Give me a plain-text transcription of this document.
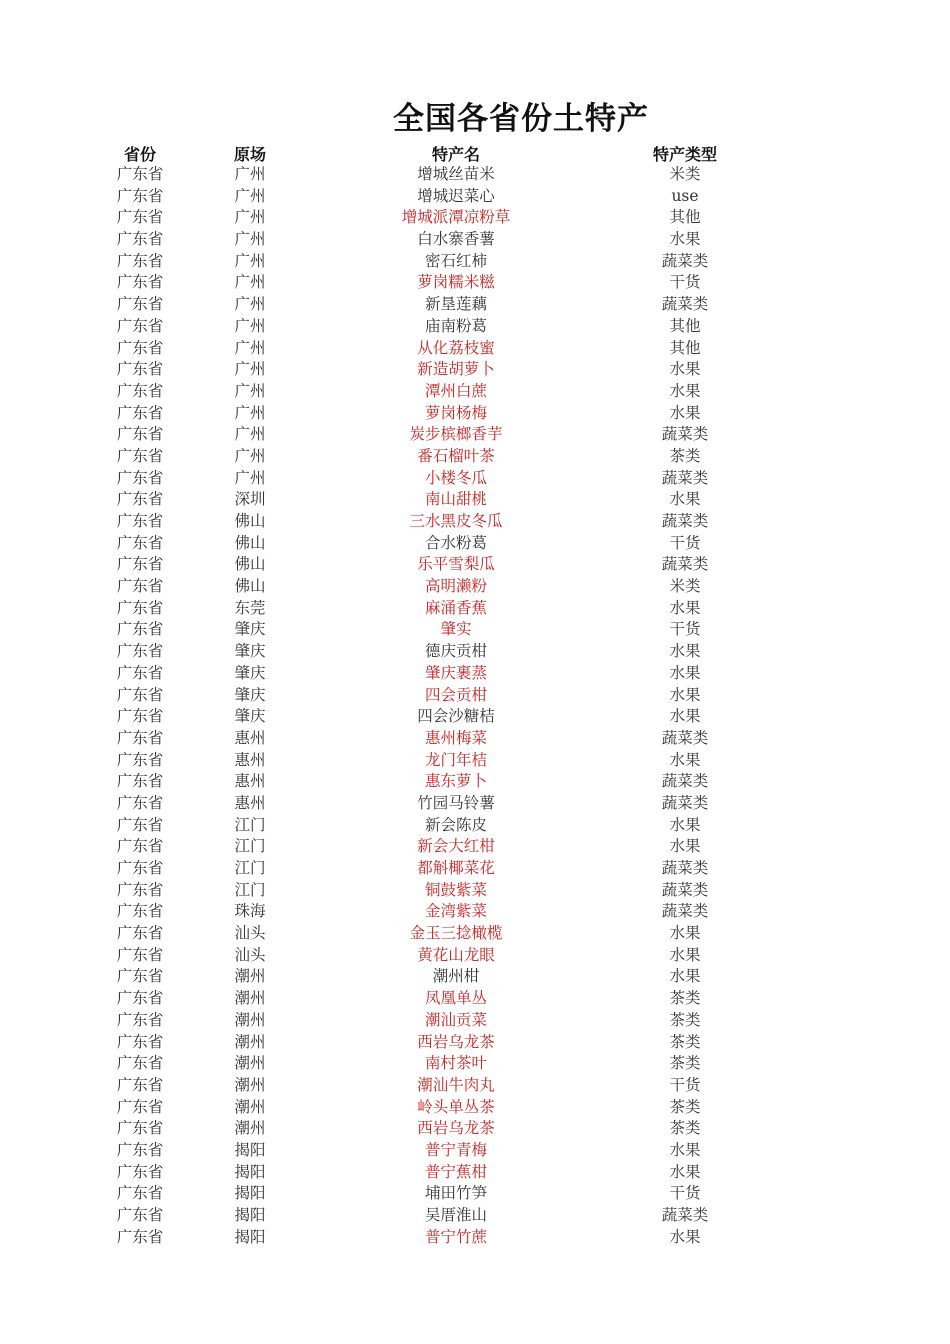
全国各省份土特产
省份	原场	特产名	特产类型
广东省	广州	增城丝苗米	米类
广东省	广州	增城迟菜心	use
广东省	广州	增城派潭凉粉草	其他
广东省	广州	白水寨香薯	水果
广东省	广州	密石红柿	蔬菜类
广东省	广州	萝岗糯米糍	干货
广东省	广州	新垦莲藕	蔬菜类
广东省	广州	庙南粉葛	其他
广东省	广州	从化荔枝蜜	其他
广东省	广州	新造胡萝卜	水果
广东省	广州	潭州白蔗	水果
广东省	广州	萝岗杨梅	水果
广东省	广州	炭步槟榔香芋	蔬菜类
广东省	广州	番石榴叶茶	茶类
广东省	广州	小楼冬瓜	蔬菜类
广东省	深圳	南山甜桃	水果
广东省	佛山	三水黑皮冬瓜	蔬菜类
广东省	佛山	合水粉葛	干货
广东省	佛山	乐平雪梨瓜	蔬菜类
广东省	佛山	高明濑粉	米类
广东省	东莞	麻涌香蕉	水果
广东省	肇庆	肇实	干货
广东省	肇庆	德庆贡柑	水果
广东省	肇庆	肇庆裹蒸	水果
广东省	肇庆	四会贡柑	水果
广东省	肇庆	四会沙糖桔	水果
广东省	惠州	惠州梅菜	蔬菜类
广东省	惠州	龙门年桔	水果
广东省	惠州	惠东萝卜	蔬菜类
广东省	惠州	竹园马铃薯	蔬菜类
广东省	江门	新会陈皮	水果
广东省	江门	新会大红柑	水果
广东省	江门	都斛椰菜花	蔬菜类
广东省	江门	铜鼓紫菜	蔬菜类
广东省	珠海	金湾紫菜	蔬菜类
广东省	汕头	金玉三捻橄榄	水果
广东省	汕头	黄花山龙眼	水果
广东省	潮州	潮州柑	水果
广东省	潮州	凤凰单丛	茶类
广东省	潮州	潮汕贡菜	茶类
广东省	潮州	西岩乌龙茶	茶类
广东省	潮州	南村茶叶	茶类
广东省	潮州	潮汕牛肉丸	干货
广东省	潮州	岭头单丛茶	茶类
广东省	潮州	西岩乌龙茶	茶类
广东省	揭阳	普宁青梅	水果
广东省	揭阳	普宁蕉柑	水果
广东省	揭阳	埔田竹笋	干货
广东省	揭阳	吴厝淮山	蔬菜类
广东省	揭阳	普宁竹蔗	水果
